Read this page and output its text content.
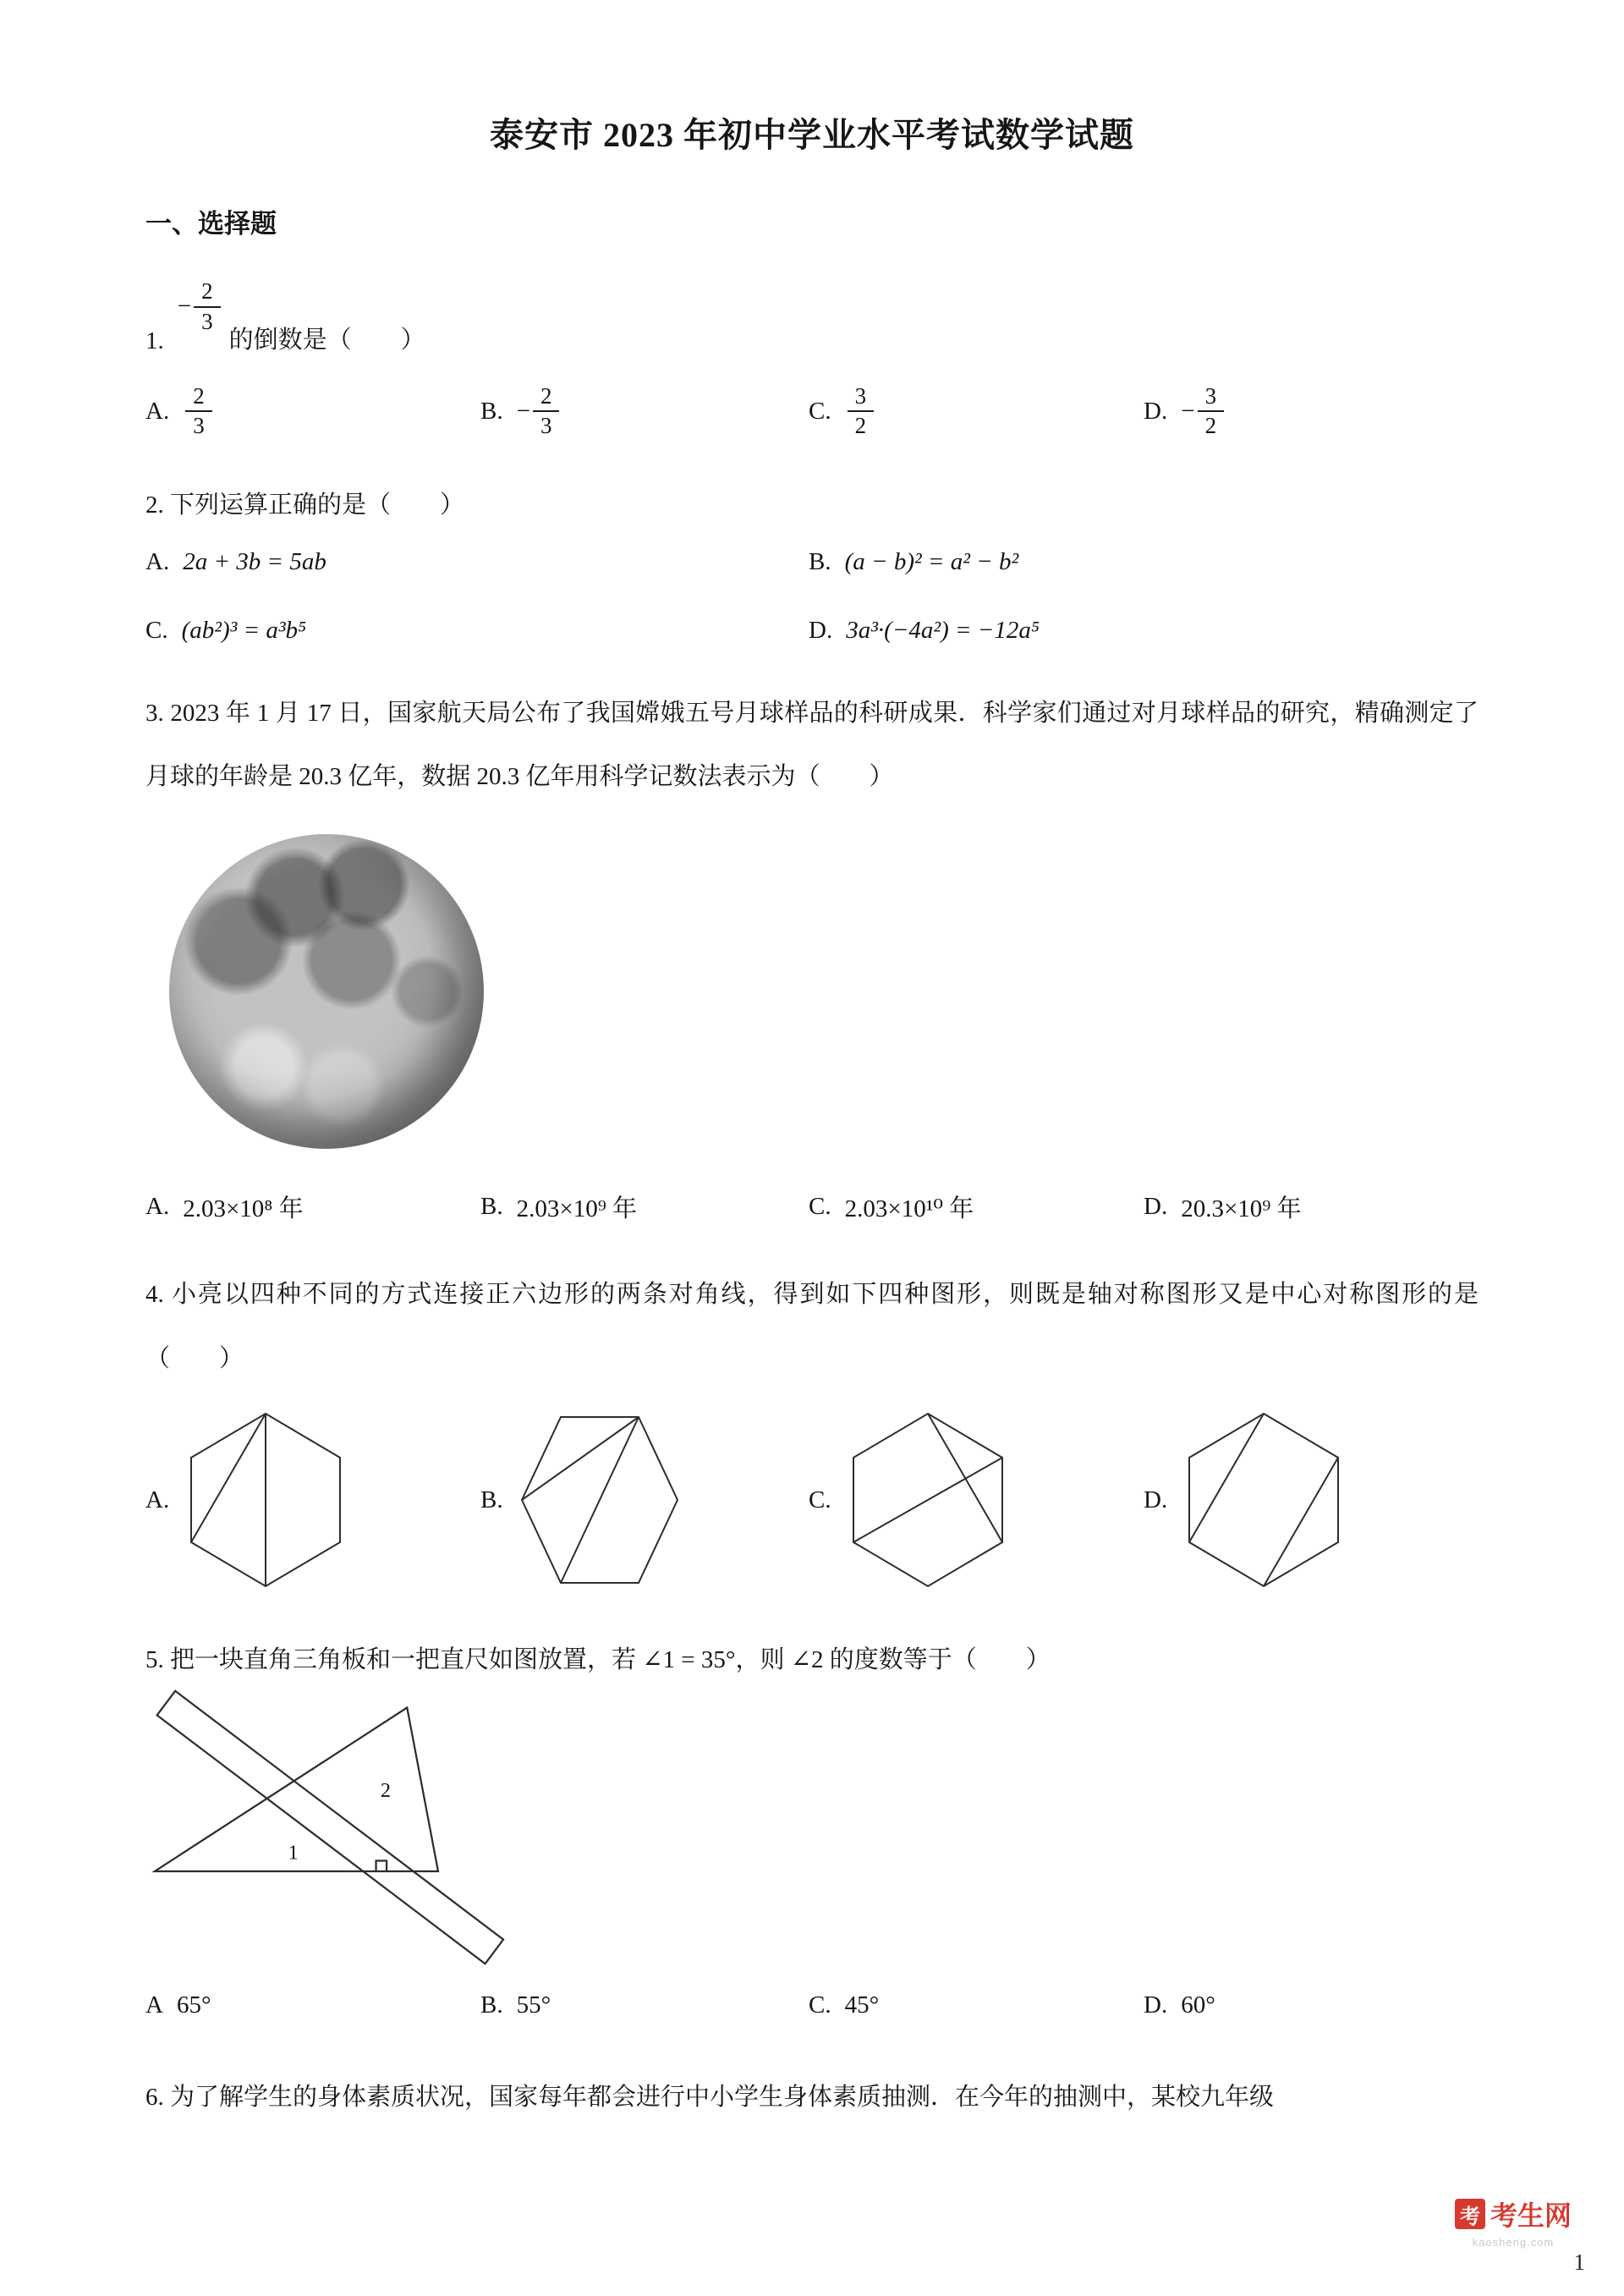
泰安市 2023 年初中学业水平考试数学试题
一、选择题
1.
− $\frac{2}{3}$
的倒数是（　　）
A. $\frac{2}{3}$	B. − $\frac{2}{3}$	C. $\frac{3}{2}$	D. − $\frac{3}{2}$
2. 下列运算正确的是（　　）
A. 2a + 3b = 5ab	B. (a − b)² = a² − b²
C. (ab²)³ = a³b⁵	D. 3a³·(−4a²) = −12a⁵
3. 2023 年 1 月 17 日，国家航天局公布了我国嫦娥五号月球样品的科研成果．科学家们通过对月球样品的研究，精确测定了月球的年龄是 20.3 亿年，数据 20.3 亿年用科学记数法表示为（　　）
A. 2.03×10⁸ 年	B. 2.03×10⁹ 年	C. 2.03×10¹⁰ 年	D. 20.3×10⁹ 年
4. 小亮以四种不同的方式连接正六边形的两条对角线，得到如下四种图形，则既是轴对称图形又是中心对称图形的是（　　）
A.	B.	C.	D.
5. 把一块直角三角板和一把直尺如图放置，若 ∠1 = 35°，则 ∠2 的度数等于（　　）
1
2
A 65°	B. 55°	C. 45°	D. 60°
6. 为了解学生的身体素质状况，国家每年都会进行中小学生身体素质抽测．在今年的抽测中，某校九年级
考 考生网
kaosheng.com
1
